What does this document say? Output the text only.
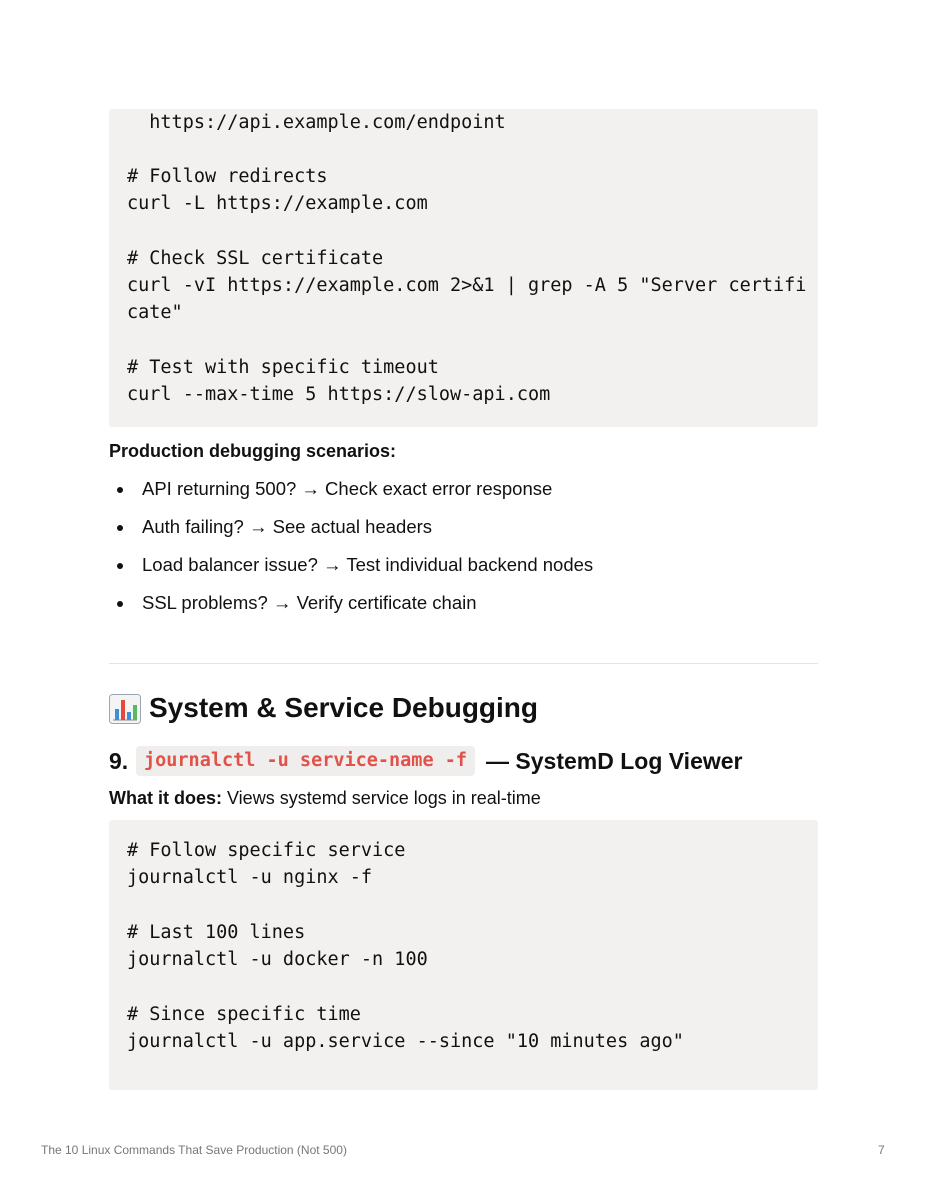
https://api.example.com/endpoint
# Follow redirects
curl -L https://example.com
# Check SSL certificate
curl -vI https://example.com 2>&1 | grep -A 5 "Server certifi
cate"
# Test with specific timeout
curl --max-time 5 https://slow-api.com
Production debugging scenarios:
API returning 500? → Check exact error response
Auth failing? → See actual headers
Load balancer issue? → Test individual backend nodes
SSL problems? → Verify certificate chain
System & Service Debugging
9. journalctl -u service-name -f — SystemD Log Viewer
What it does: Views systemd service logs in real-time
# Follow specific service
journalctl -u nginx -f
# Last 100 lines
journalctl -u docker -n 100
# Since specific time
journalctl -u app.service --since "10 minutes ago"
The 10 Linux Commands That Save Production (Not 500)	7
